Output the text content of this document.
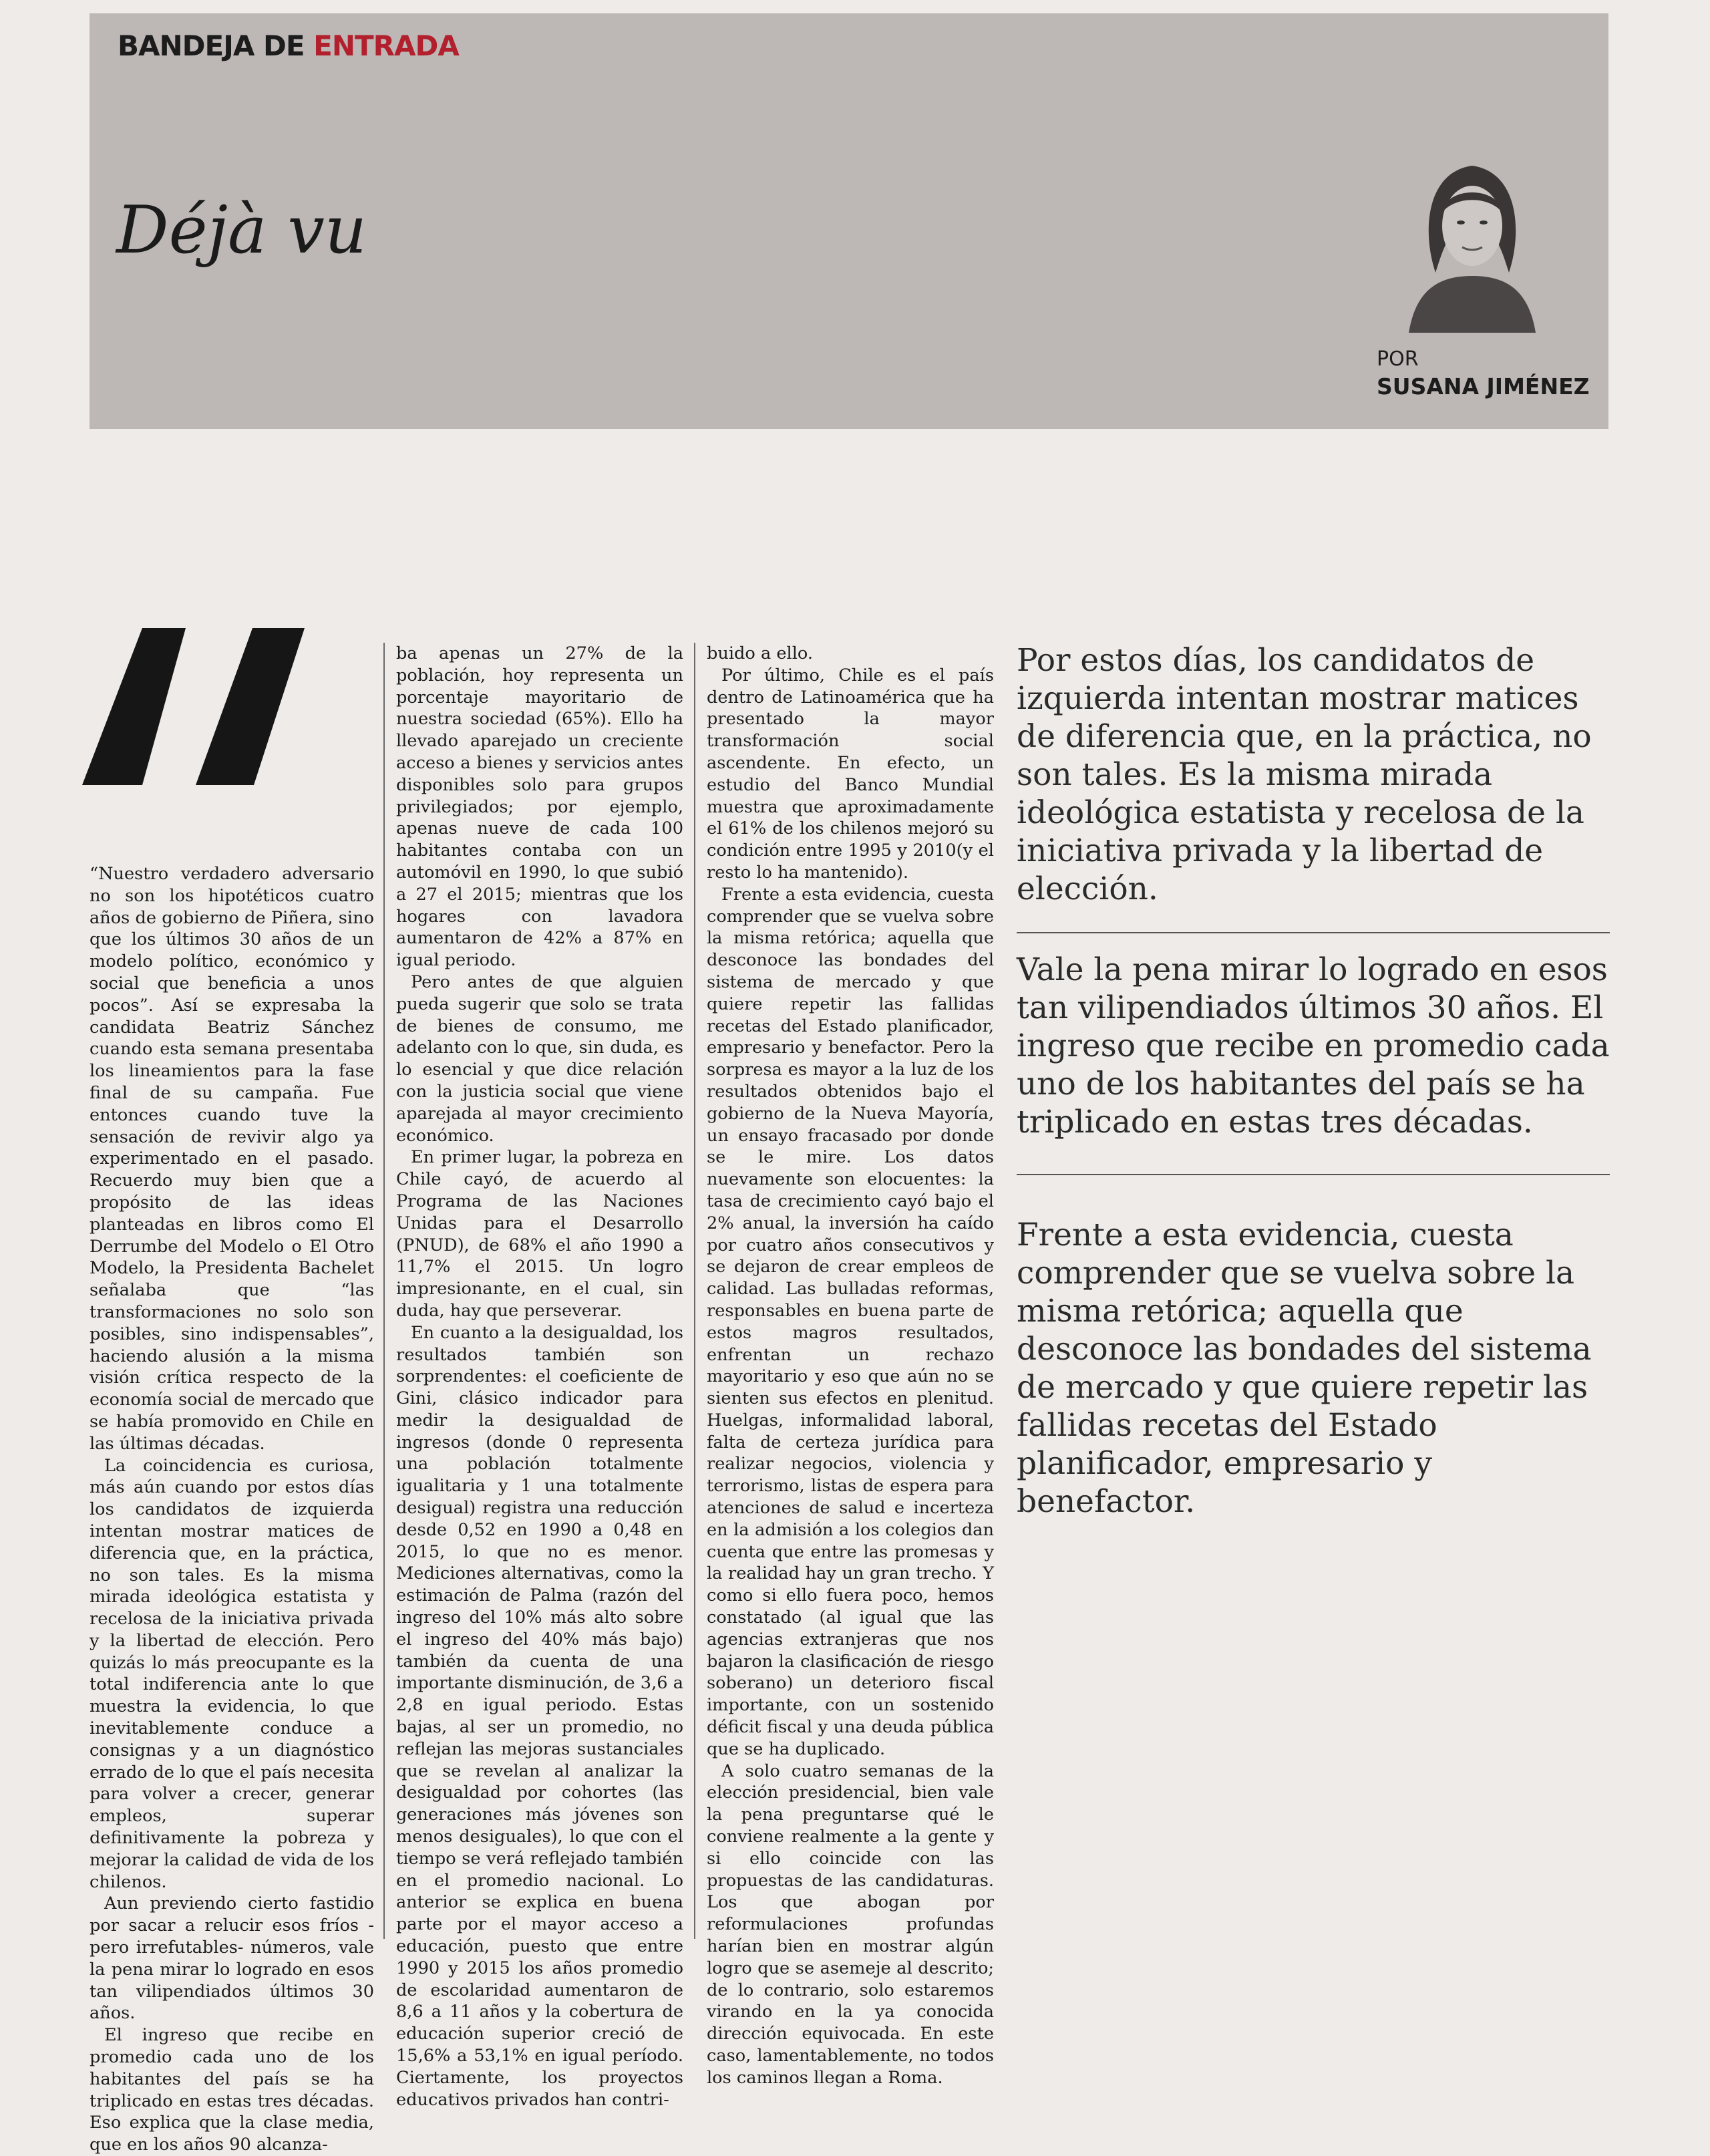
BANDEJA DE ENTRADA
Déjà vu
POR
SUSANA JIMÉNEZ

“Nuestro verdadero adversario no son los hipotéticos cuatro años de gobierno de Piñera, sino que los últimos 30 años de un modelo político, económico y social que beneficia a unos pocos”. Así se expresaba la candidata Beatriz Sánchez cuando esta semana presentaba los lineamientos para la fase final de su campaña. Fue entonces cuando tuve la sensación de revivir algo ya experimentado en el pasado. Recuerdo muy bien que a propósito de las ideas planteadas en libros como El Derrumbe del Modelo o El Otro Modelo, la Presidenta Bachelet señalaba que “las transformaciones no solo son posibles, sino indispensables”, haciendo alusión a la misma visión crítica respecto de la economía social de mercado que se había promovido en Chile en las últimas décadas.

La coincidencia es curiosa, más aún cuando por estos días los candidatos de izquierda intentan mostrar matices de diferencia que, en la práctica, no son tales. Es la misma mirada ideológica estatista y recelosa de la iniciativa privada y la libertad de elección. Pero quizás lo más preocupante es la total indiferencia ante lo que muestra la evidencia, lo que inevitablemente conduce a consignas y a un diagnóstico errado de lo que el país necesita para volver a crecer, generar empleos, superar definitivamente la pobreza y mejorar la calidad de vida de los chilenos.

Aun previendo cierto fastidio por sacar a relucir esos fríos -pero irrefutables- números, vale la pena mirar lo logrado en esos tan vilipendiados últimos 30 años.

El ingreso que recibe en promedio cada uno de los habitantes del país se ha triplicado en estas tres décadas. Eso explica que la clase media, que en los años 90 alcanza-

ba apenas un 27% de la población, hoy representa un porcentaje mayoritario de nuestra sociedad (65%). Ello ha llevado aparejado un creciente acceso a bienes y servicios antes disponibles solo para grupos privilegiados; por ejemplo, apenas nueve de cada 100 habitantes contaba con un automóvil en 1990, lo que subió a 27 el 2015; mientras que los hogares con lavadora aumentaron de 42% a 87% en igual periodo.

Pero antes de que alguien pueda sugerir que solo se trata de bienes de consumo, me adelanto con lo que, sin duda, es lo esencial y que dice relación con la justicia social que viene aparejada al mayor crecimiento económico.

En primer lugar, la pobreza en Chile cayó, de acuerdo al Programa de las Naciones Unidas para el Desarrollo (PNUD), de 68% el año 1990 a 11,7% el 2015. Un logro impresionante, en el cual, sin duda, hay que perseverar.

En cuanto a la desigualdad, los resultados también son sorprendentes: el coeficiente de Gini, clásico indicador para medir la desigualdad de ingresos (donde 0 representa una población totalmente igualitaria y 1 una totalmente desigual) registra una reducción desde 0,52 en 1990 a 0,48 en 2015, lo que no es menor. Mediciones alternativas, como la estimación de Palma (razón del ingreso del 10% más alto sobre el ingreso del 40% más bajo) también da cuenta de una importante disminución, de 3,6 a 2,8 en igual periodo. Estas bajas, al ser un promedio, no reflejan las mejoras sustanciales que se revelan al analizar la desigualdad por cohortes (las generaciones más jóvenes son menos desiguales), lo que con el tiempo se verá reflejado también en el promedio nacional. Lo anterior se explica en buena parte por el mayor acceso a educación, puesto que entre 1990 y 2015 los años promedio de escolaridad aumentaron de 8,6 a 11 años y la cobertura de educación superior creció de 15,6% a 53,1% en igual período. Ciertamente, los proyectos educativos privados han contri-

buido a ello.

Por último, Chile es el país dentro de Latinoamérica que ha presentado la mayor transformación social ascendente. En efecto, un estudio del Banco Mundial muestra que aproximadamente el 61% de los chilenos mejoró su condición entre 1995 y 2010(y el resto lo ha mantenido).

Frente a esta evidencia, cuesta comprender que se vuelva sobre la misma retórica; aquella que desconoce las bondades del sistema de mercado y que quiere repetir las fallidas recetas del Estado planificador, empresario y benefactor. Pero la sorpresa es mayor a la luz de los resultados obtenidos bajo el gobierno de la Nueva Mayoría, un ensayo fracasado por donde se le mire. Los datos nuevamente son elocuentes: la tasa de crecimiento cayó bajo el 2% anual, la inversión ha caído por cuatro años consecutivos y se dejaron de crear empleos de calidad. Las bulladas reformas, responsables en buena parte de estos magros resultados, enfrentan un rechazo mayoritario y eso que aún no se sienten sus efectos en plenitud. Huelgas, informalidad laboral, falta de certeza jurídica para realizar negocios, violencia y terrorismo, listas de espera para atenciones de salud e incerteza en la admisión a los colegios dan cuenta que entre las promesas y la realidad hay un gran trecho. Y como si ello fuera poco, hemos constatado (al igual que las agencias extranjeras que nos bajaron la clasificación de riesgo soberano) un deterioro fiscal importante, con un sostenido déficit fiscal y una deuda pública que se ha duplicado.

A solo cuatro semanas de la elección presidencial, bien vale la pena preguntarse qué le conviene realmente a la gente y si ello coincide con las propuestas de las candidaturas. Los que abogan por reformulaciones profundas harían bien en mostrar algún logro que se asemeje al descrito; de lo contrario, solo estaremos virando en la ya conocida dirección equivocada. En este caso, lamentablemente, no todos los caminos llegan a Roma.

Por estos días, los candidatos de izquierda intentan mostrar matices de diferencia que, en la práctica, no son tales. Es la misma mirada ideológica estatista y recelosa de la iniciativa privada y la libertad de elección.

Vale la pena mirar lo logrado en esos tan vilipendiados últimos 30 años. El ingreso que recibe en promedio cada uno de los habitantes del país se ha triplicado en estas tres décadas.

Frente a esta evidencia, cuesta comprender que se vuelva sobre la misma retórica; aquella que desconoce las bondades del sistema de mercado y que quiere repetir las fallidas recetas del Estado planificador, empresario y benefactor.
